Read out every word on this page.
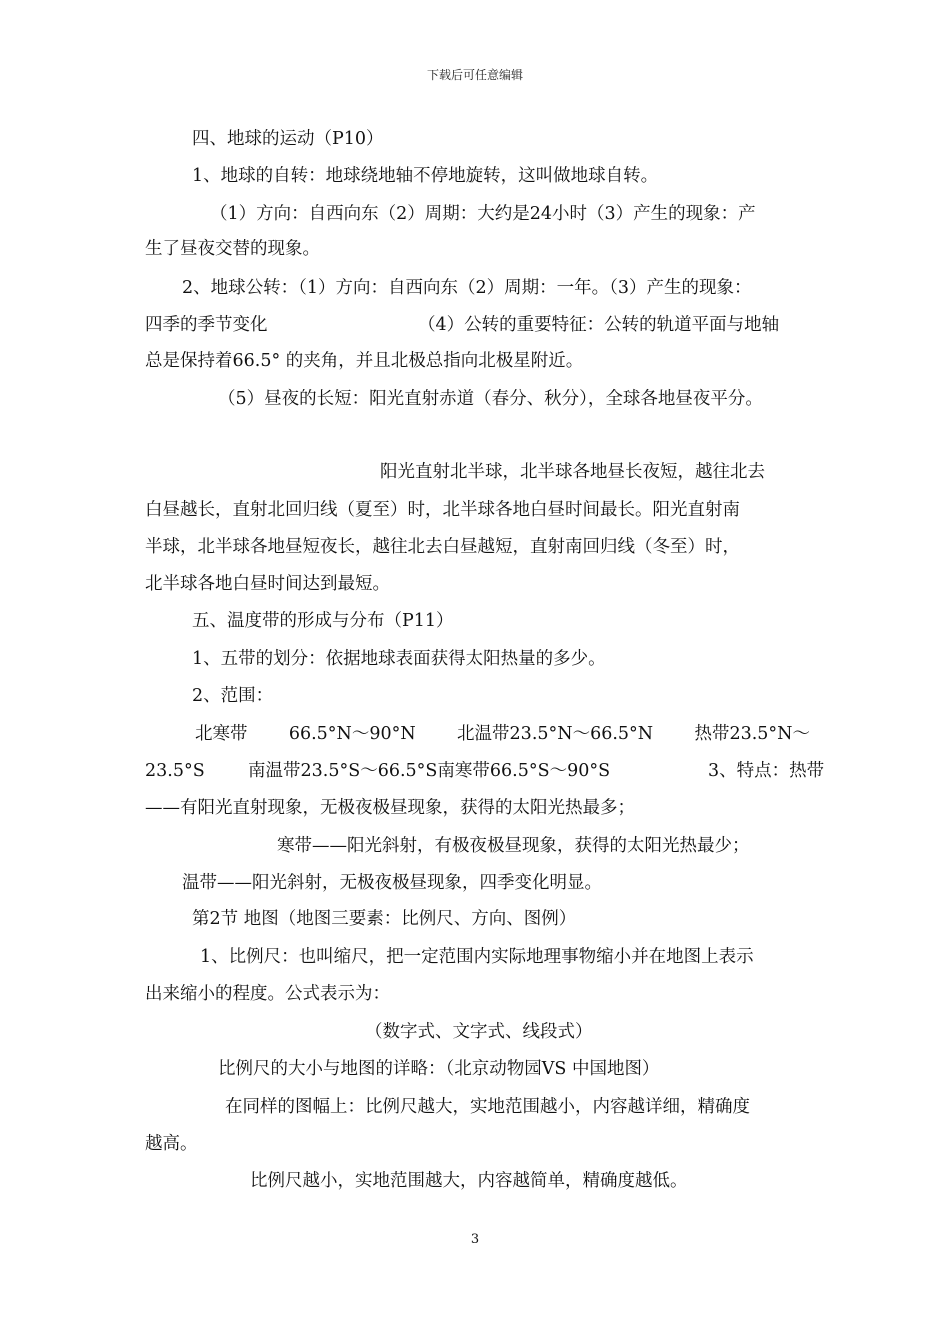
下载后可任意编辑
四、地球的运动（P10）
1、地球的自转：地球绕地轴不停地旋转，这叫做地球自转。
（1）方向：自西向东（2）周期：大约是24小时（3）产生的现象：产
生了昼夜交替的现象。
2、地球公转：（1）方向：自西向东（2）周期：一年。（3）产生的现象：
四季的季节变化	（4）公转的重要特征：公转的轨道平面与地轴
总是保持着66.5° 的夹角，并且北极总指向北极星附近。
（5）昼夜的长短：阳光直射赤道（春分、秋分），全球各地昼夜平分。
阳光直射北半球，北半球各地昼长夜短，越往北去
白昼越长，直射北回归线（夏至）时，北半球各地白昼时间最长。阳光直射南
半球，北半球各地昼短夜长，越往北去白昼越短，直射南回归线（冬至）时，
北半球各地白昼时间达到最短。
五、温度带的形成与分布（P11）
1、五带的划分：依据地球表面获得太阳热量的多少。
2、范围：
北寒带 66.5°N～90°N 北温带23.5°N～66.5°N 热带23.5°N～
23.5°S 南温带23.5°S～66.5°S南寒带66.5°S～90°S	3、特点：热带
——有阳光直射现象，无极夜极昼现象，获得的太阳光热最多；
寒带——阳光斜射，有极夜极昼现象，获得的太阳光热最少；
温带——阳光斜射，无极夜极昼现象，四季变化明显。
第2节 地图（地图三要素：比例尺、方向、图例）
1、比例尺：也叫缩尺，把一定范围内实际地理事物缩小并在地图上表示
出来缩小的程度。公式表示为：
（数字式、文字式、线段式）
比例尺的大小与地图的详略：（北京动物园VS 中国地图）
在同样的图幅上：比例尺越大，实地范围越小，内容越详细，精确度
越高。
比例尺越小，实地范围越大，内容越简单，精确度越低。
3
